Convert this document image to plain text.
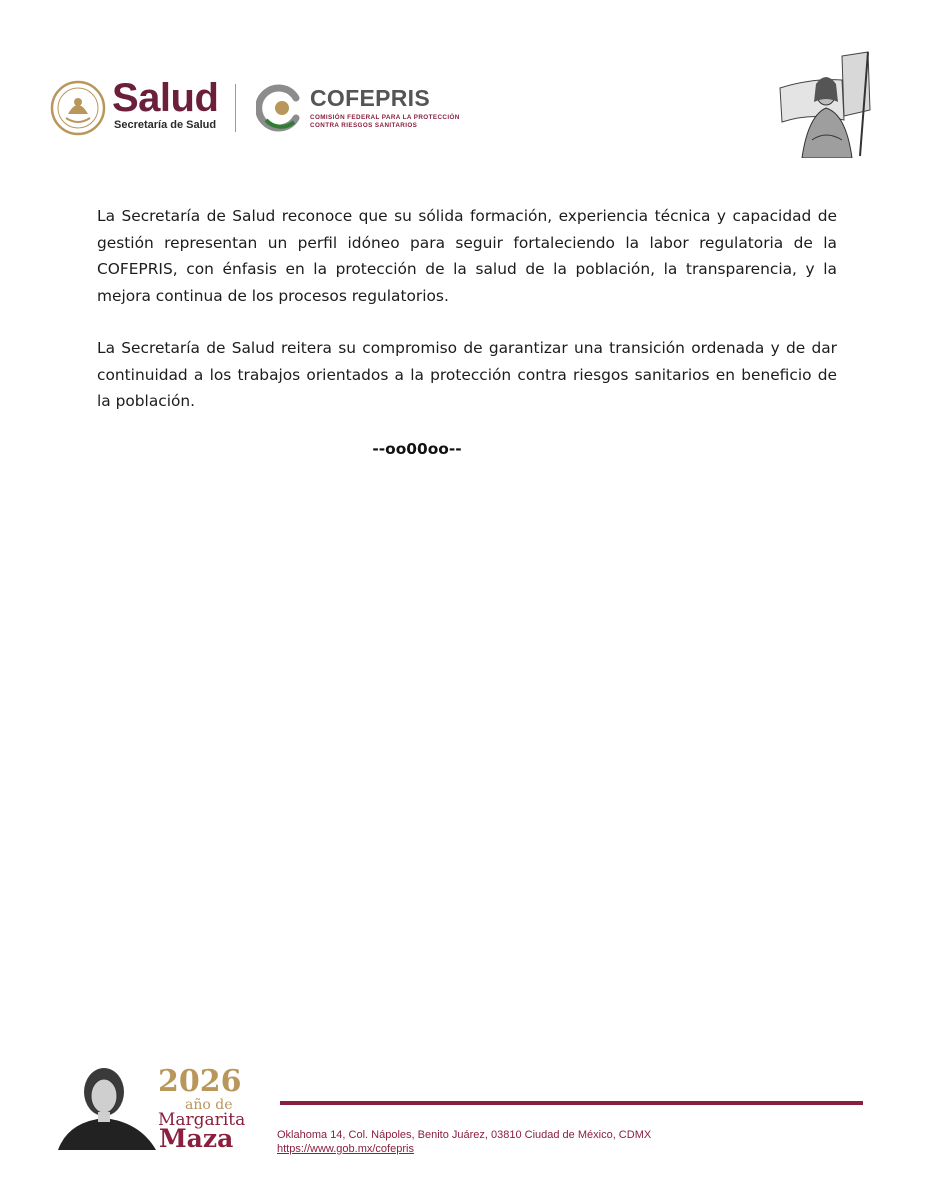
Salud
Secretaría de Salud
COFEPRIS
COMISIÓN FEDERAL PARA LA PROTECCIÓN
CONTRA RIESGOS SANITARIOS

La Secretaría de Salud reconoce que su sólida formación, experiencia técnica y capacidad de gestión representan un perfil idóneo para seguir fortaleciendo la labor regulatoria de la COFEPRIS, con énfasis en la protección de la salud de la población, la transparencia, y la mejora continua de los procesos regulatorios.

La Secretaría de Salud reitera su compromiso de garantizar una transición ordenada y de dar continuidad a los trabajos orientados a la protección contra riesgos sanitarios en beneficio de la población.

--oo00oo--
2026
año de
Margarita
Maza	Oklahoma 14, Col. Nápoles, Benito Juárez, 03810 Ciudad de México, CDMX
https://www.gob.mx/cofepris
